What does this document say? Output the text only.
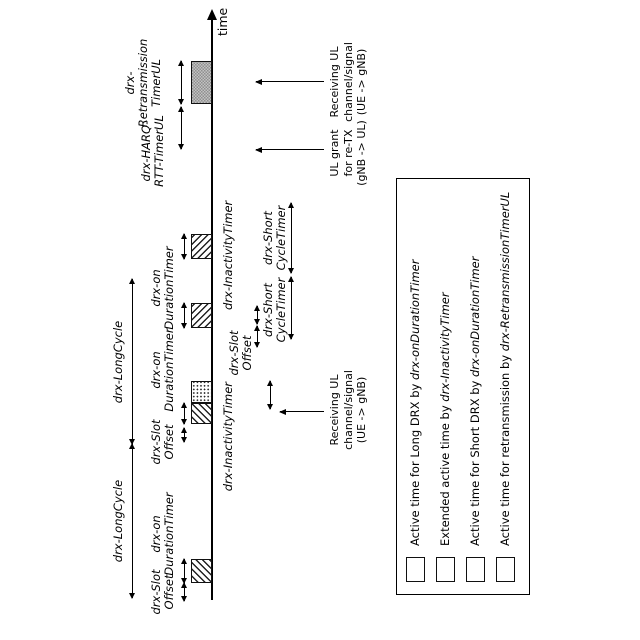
time
drx-Slot
Offset
drx-on
DurationTimer
drx-LongCycle
drx-Slot
Offset
drx-on
DurationTimer
drx-LongCycle
drx-on
DurationTimer
drx-HARQ-
RTT-TimerUL
drx-
Retransmission
TimerUL
drx-InactivityTimer
drx-InactivityTimer
drx-Slot
Offset
drx-Short
CycleTimer
drx-Short
CycleTimer
Receiving UL
channel/signal
(UE -> gNB)
UL grant
for re-TX
(gNB -> UL)
Receiving UL
channel/signal
(UE -> gNB)
Active time for Long DRX by drx-onDurationTimer
Extended active time by drx-InactivityTimer
Active time for Short DRX by drx-onDurationTimer
Active time for retransmission by drx-RetransmissionTimerUL
